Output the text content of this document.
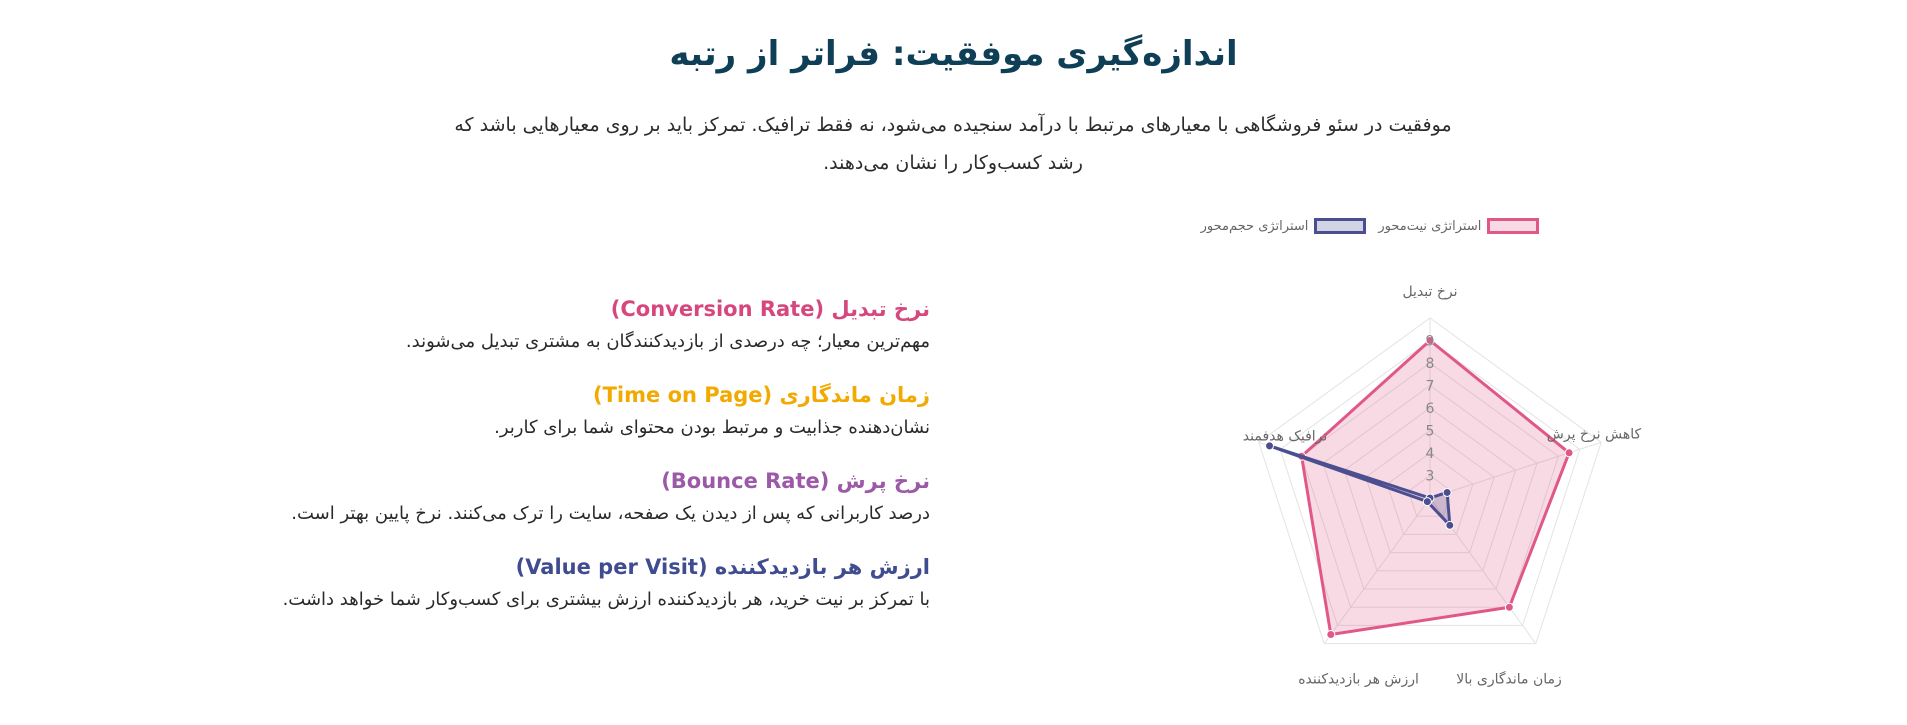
اندازه‌گیری موفقیت: فراتر از رتبه

موفقیت در سئو فروشگاهی با معیارهای مرتبط با درآمد سنجیده می‌شود، نه فقط ترافیک. تمرکز باید بر روی معیارهایی باشد که رشد کسب‌وکار را نشان می‌دهند.

نرخ تبدیل (Conversion Rate)

مهم‌ترین معیار؛ چه درصدی از بازدیدکنندگان به مشتری تبدیل می‌شوند.

زمان ماندگاری (Time on Page)

نشان‌دهنده جذابیت و مرتبط بودن محتوای شما برای کاربر.

نرخ پرش (Bounce Rate)

درصد کاربرانی که پس از دیدن یک صفحه، سایت را ترک می‌کنند. نرخ پایین بهتر است.

ارزش هر بازدیدکننده (Value per Visit)

با تمرکز بر نیت خرید، هر بازدیدکننده ارزش بیشتری برای کسب‌وکار شما خواهد داشت.

استراتژی نیت‌محور
استراتژی حجم‌محور
3
4
5
6
7
8
9
نرخ تبدیل
کاهش نرخ پرش
زمان ماندگاری بالا
ارزش هر بازدیدکننده
ترافیک هدفمند
